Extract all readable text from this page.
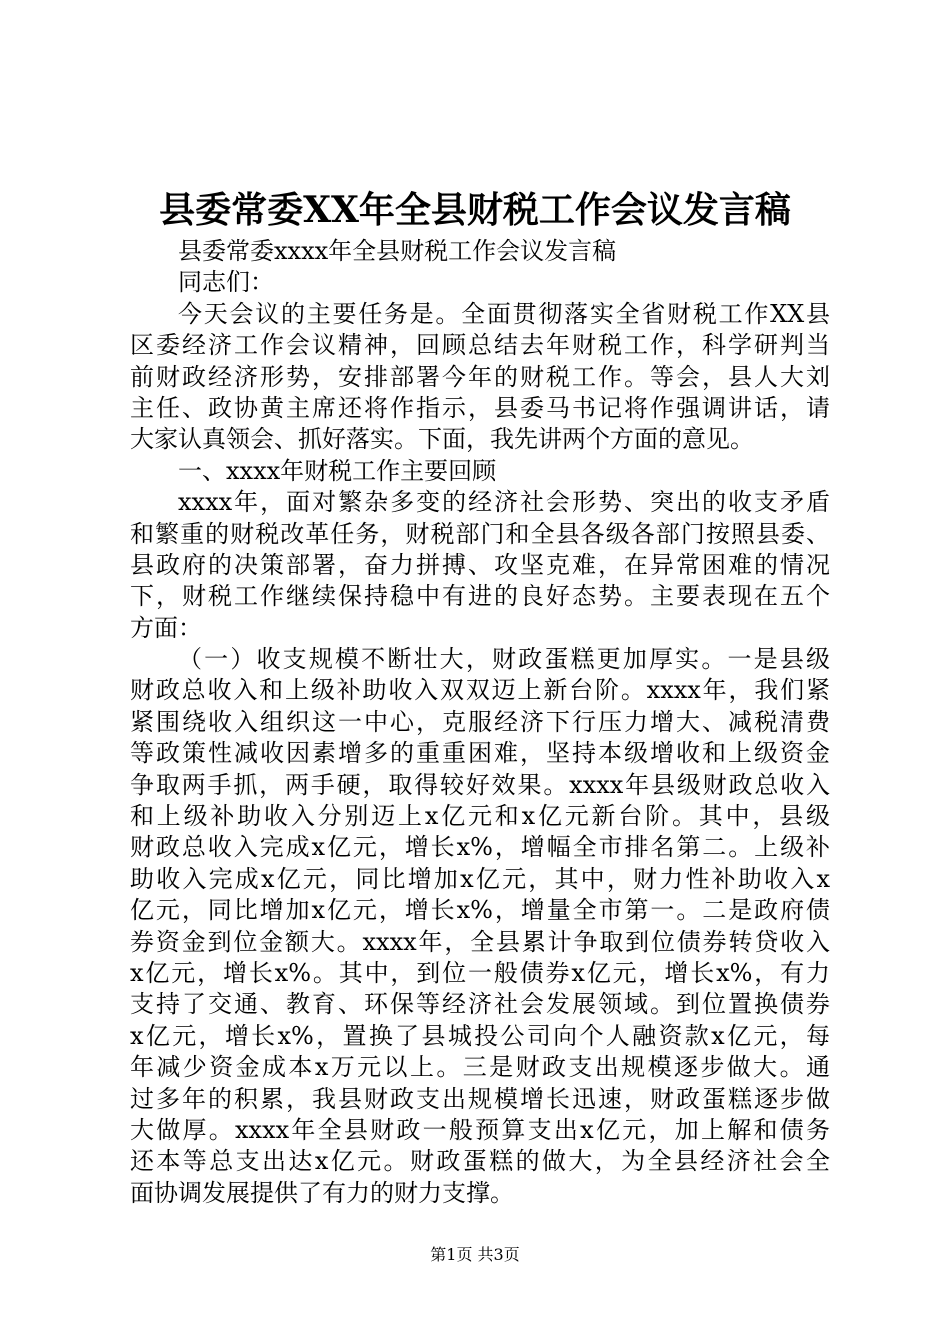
县委常委XX年全县财税工作会议发言稿
县委常委xxxx年全县财税工作会议发言稿
同志们：
今天会议的主要任务是。全面贯彻落实全省财税工作XX县
区委经济工作会议精神，回顾总结去年财税工作，科学研判当
前财政经济形势，安排部署今年的财税工作。等会，县人大刘
主任、政协黄主席还将作指示，县委马书记将作强调讲话，请
大家认真领会、抓好落实。下面，我先讲两个方面的意见。
一、xxxx年财税工作主要回顾
xxxx年，面对繁杂多变的经济社会形势、突出的收支矛盾
和繁重的财税改革任务，财税部门和全县各级各部门按照县委、
县政府的决策部署，奋力拼搏、攻坚克难，在异常困难的情况
下，财税工作继续保持稳中有进的良好态势。主要表现在五个
方面：
（一）收支规模不断壮大，财政蛋糕更加厚实。一是县级
财政总收入和上级补助收入双双迈上新台阶。xxxx年，我们紧
紧围绕收入组织这一中心，克服经济下行压力增大、减税清费
等政策性减收因素增多的重重困难，坚持本级增收和上级资金
争取两手抓，两手硬，取得较好效果。xxxx年县级财政总收入
和上级补助收入分别迈上x亿元和x亿元新台阶。其中，县级
财政总收入完成x亿元，增长x%，增幅全市排名第二。上级补
助收入完成x亿元，同比增加x亿元，其中，财力性补助收入x
亿元，同比增加x亿元，增长x%，增量全市第一。二是政府债
券资金到位金额大。xxxx年，全县累计争取到位债券转贷收入
x亿元，增长x%。其中，到位一般债券x亿元，增长x%，有力
支持了交通、教育、环保等经济社会发展领域。到位置换债券
x亿元，增长x%，置换了县城投公司向个人融资款x亿元，每
年减少资金成本x万元以上。三是财政支出规模逐步做大。通
过多年的积累，我县财政支出规模增长迅速，财政蛋糕逐步做
大做厚。xxxx年全县财政一般预算支出x亿元，加上解和债务
还本等总支出达x亿元。财政蛋糕的做大，为全县经济社会全
面协调发展提供了有力的财力支撑。
第1页 共3页
